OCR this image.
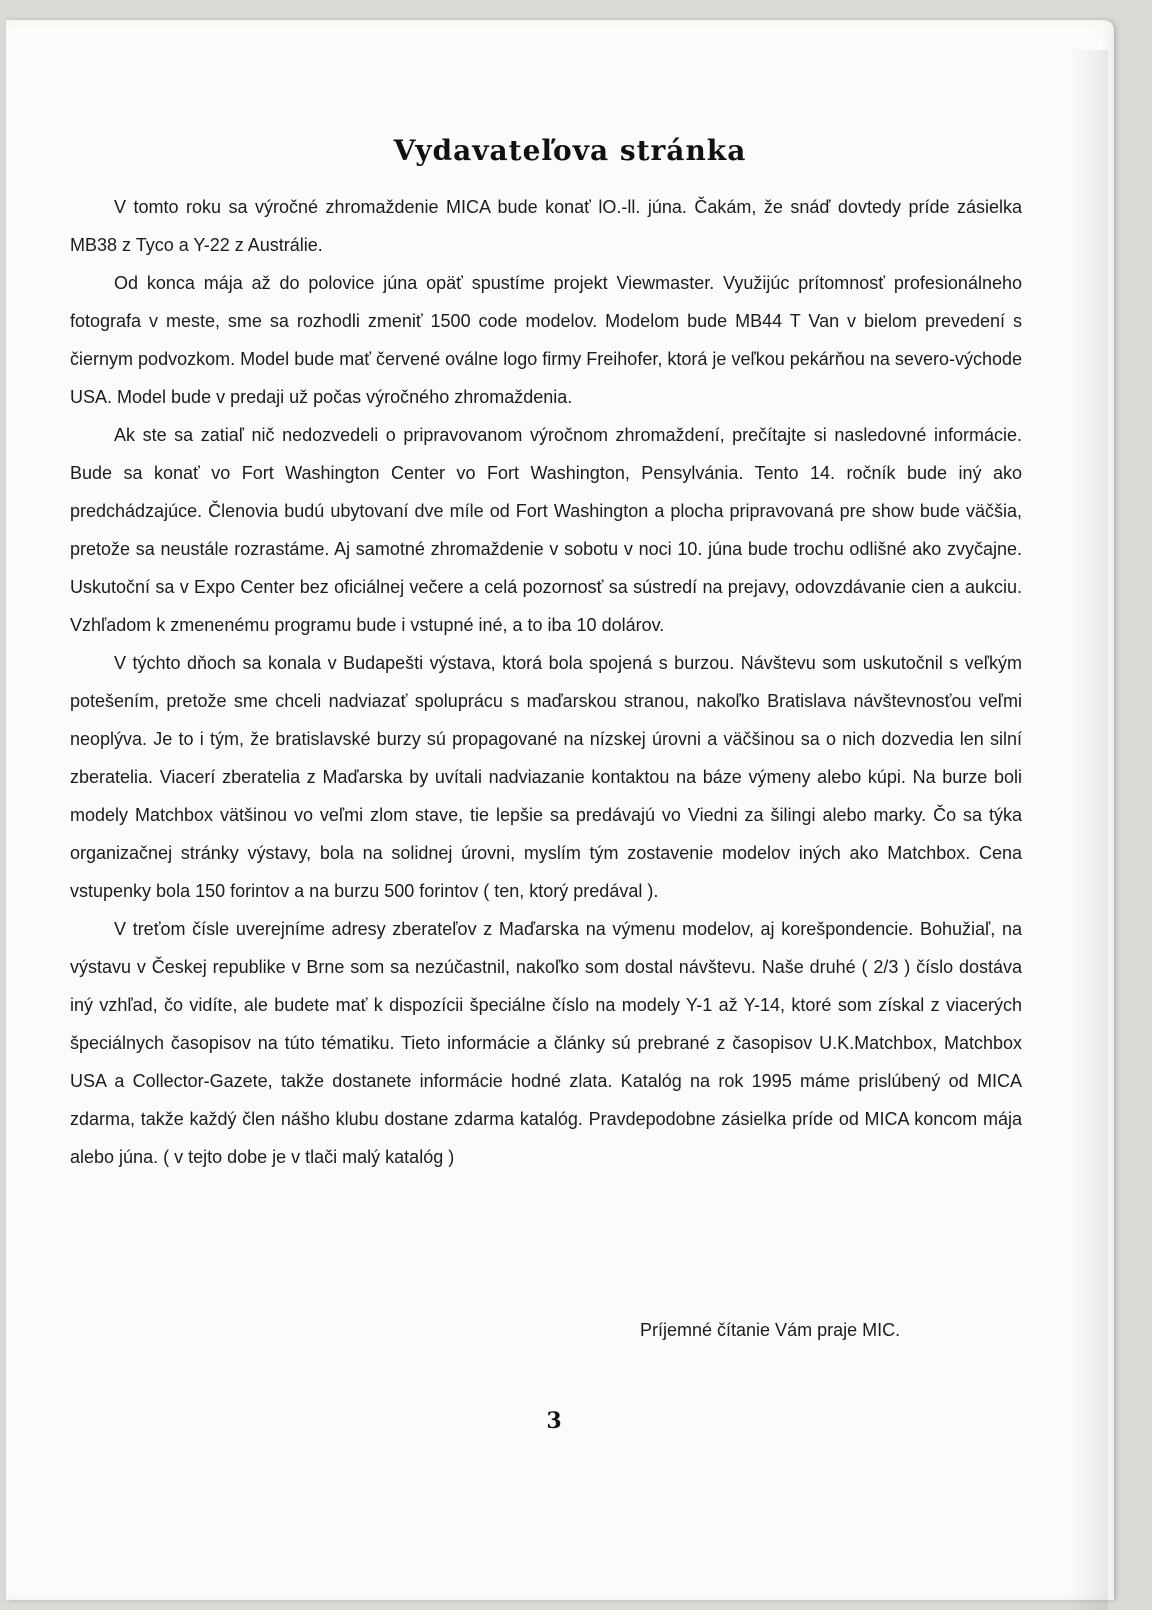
Vydavateľova stránka

V tomto roku sa výročné zhromaždenie MICA bude konať lO.-ll. júna. Čakám, že snáď dovtedy príde zásielka MB38 z Tyco a Y-22 z Austrálie.

Od konca mája až do polovice júna opäť spustíme projekt Viewmaster. Využijúc prítomnosť profesionálneho fotografa v meste, sme sa rozhodli zmeniť 1500 code modelov. Modelom bude MB44 T Van v bielom prevedení s čiernym podvozkom. Model bude mať červené oválne logo firmy Freihofer, ktorá je veľkou pekárňou na severo-východe USA. Model bude v predaji už počas výročného zhromaždenia.

Ak ste sa zatiaľ nič nedozvedeli o pripravovanom výročnom zhromaždení, prečítajte si nasledovné informácie. Bude sa konať vo Fort Washington Center vo Fort Washington, Pensylvánia. Tento 14. ročník bude iný ako predchádzajúce. Členovia budú ubytovaní dve míle od Fort Washington a plocha pripravovaná pre show bude väčšia, pretože sa neustále rozrastáme. Aj samotné zhromaždenie v sobotu v noci 10. júna bude trochu odlišné ako zvyčajne. Uskutoční sa v Expo Center bez oficiálnej večere a celá pozornosť sa sústredí na prejavy, odovzdávanie cien a aukciu. Vzhľadom k zmenenému programu bude i vstupné iné, a to iba 10 dolárov.

V týchto dňoch sa konala v Budapešti výstava, ktorá bola spojená s burzou. Návštevu som uskutočnil s veľkým potešením, pretože sme chceli nadviazať spoluprácu s maďarskou stranou, nakoľko Bratislava návštevnosťou veľmi neoplýva. Je to i tým, že bratislavské burzy sú propagované na nízskej úrovni a väčšinou sa o nich dozvedia len silní zberatelia. Viacerí zberatelia z Maďarska by uvítali nadviazanie kontaktou na báze výmeny alebo kúpi. Na burze boli modely Matchbox vätšinou vo veľmi zlom stave, tie lepšie sa predávajú vo Viedni za šilingi alebo marky. Čo sa týka organizačnej stránky výstavy, bola na solidnej úrovni, myslím tým zostavenie modelov iných ako Matchbox. Cena vstupenky bola 150 forintov a na burzu 500 forintov ( ten, ktorý predával ).

V treťom čísle uverejníme adresy zberateľov z Maďarska na výmenu modelov, aj korešpondencie. Bohužiaľ, na výstavu v Českej republike v Brne som sa nezúčastnil, nakoľko som dostal návštevu. Naše druhé ( 2/3 ) číslo dostáva iný vzhľad, čo vidíte, ale budete mať k dispozícii špeciálne číslo na modely Y-1 až Y-14, ktoré som získal z viacerých špeciálnych časopisov na túto tématiku. Tieto informácie a články sú prebrané z časopisov U.K.Matchbox, Matchbox USA a Collector-Gazete, takže dostanete informácie hodné zlata. Katalóg na rok 1995 máme prislúbený od MICA zdarma, takže každý člen nášho klubu dostane zdarma katalóg. Pravdepodobne zásielka príde od MICA koncom mája alebo júna. ( v tejto dobe je v tlači malý katalóg )

Príjemné čítanie Vám praje MIC.
3
